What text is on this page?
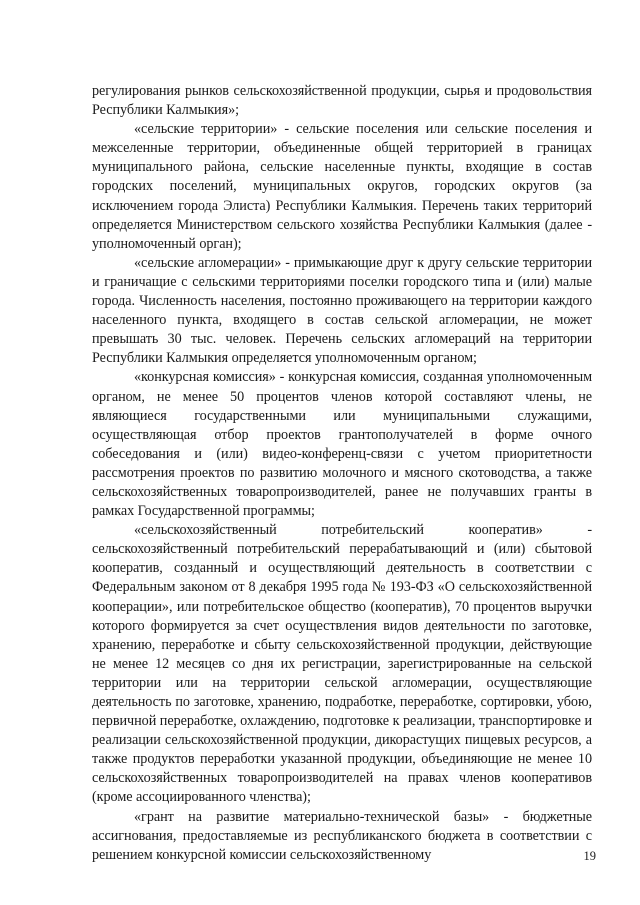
регулирования рынков сельскохозяйственной продукции, сырья и продовольствия Республики Калмыкия»;

«сельские территории» - сельские поселения или сельские поселения и межселенные территории, объединенные общей территорией в границах муниципального района, сельские населенные пункты, входящие в состав городских поселений, муниципальных округов, городских округов (за исключением города Элиста) Республики Калмыкия. Перечень таких территорий определяется Министерством сельского хозяйства Республики Калмыкия (далее - уполномоченный орган);

«сельские агломерации» - примыкающие друг к другу сельские территории и граничащие с сельскими территориями поселки городского типа и (или) малые города. Численность населения, постоянно проживающего на территории каждого населенного пункта, входящего в состав сельской агломерации, не может превышать 30 тыс. человек. Перечень сельских агломераций на территории Республики Калмыкия определяется уполномоченным органом;

«конкурсная комиссия» - конкурсная комиссия, созданная уполномоченным органом, не менее 50 процентов членов которой составляют члены, не являющиеся государственными или муниципальными служащими, осуществляющая отбор проектов грантополучателей в форме очного собеседования и (или) видео-конференц-связи с учетом приоритетности рассмотрения проектов по развитию молочного и мясного скотоводства, а также сельскохозяйственных товаропроизводителей, ранее не получавших гранты в рамках Государственной программы;

«сельскохозяйственный потребительский кооператив» - сельскохозяйственный потребительский перерабатывающий и (или) сбытовой кооператив, созданный и осуществляющий деятельность в соответствии с Федеральным законом от 8 декабря 1995 года № 193-ФЗ «О сельскохозяйственной кооперации», или потребительское общество (кооператив), 70 процентов выручки которого формируется за счет осуществления видов деятельности по заготовке, хранению, переработке и сбыту сельскохозяйственной продукции, действующие не менее 12 месяцев со дня их регистрации, зарегистрированные на сельской территории или на территории сельской агломерации, осуществляющие деятельность по заготовке, хранению, подработке, переработке, сортировки, убою, первичной переработке, охлаждению, подготовке к реализации, транспортировке и реализации сельскохозяйственной продукции, дикорастущих пищевых ресурсов, а также продуктов переработки указанной продукции, объединяющие не менее 10 сельскохозяйственных товаропроизводителей на правах членов кооперативов (кроме ассоциированного членства);

«грант на развитие материально-технической базы» - бюджетные ассигнования, предоставляемые из республиканского бюджета в соответствии с решением конкурсной комиссии сельскохозяйственному	19
